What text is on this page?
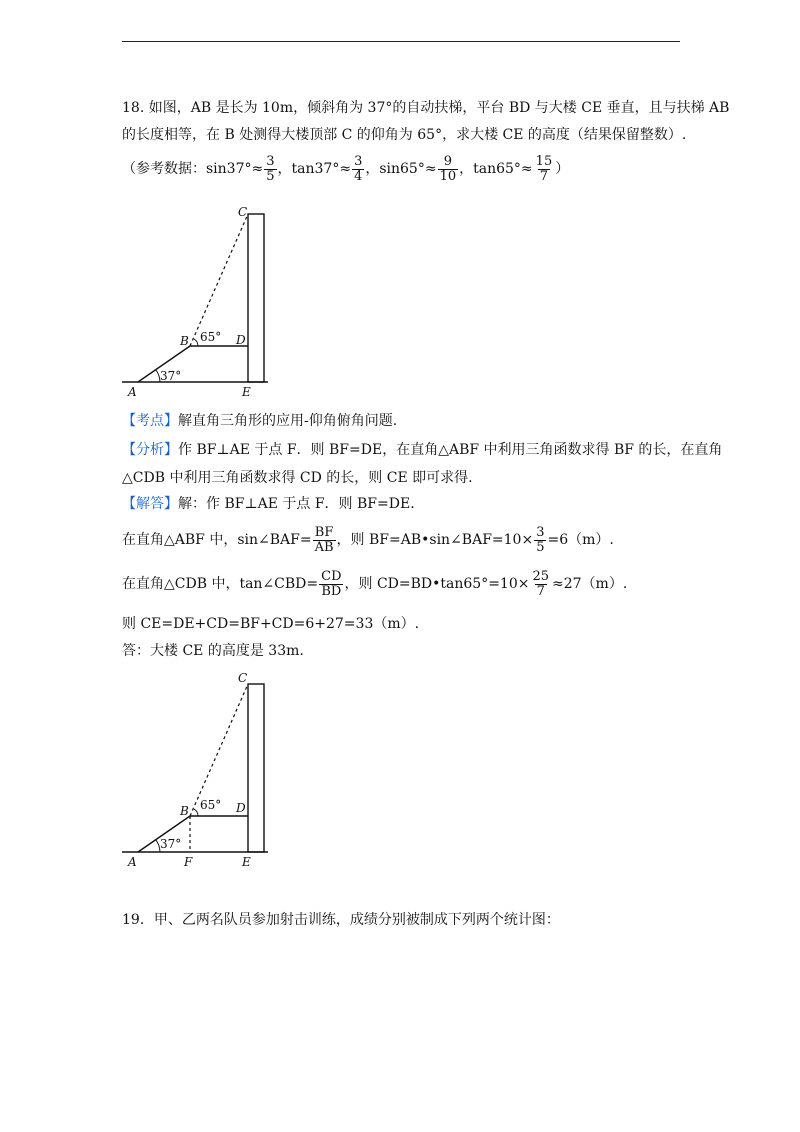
18. 如图，AB 是长为 10m，倾斜角为 37°的自动扶梯，平台 BD 与大楼 CE 垂直，且与扶梯 AB
的长度相等，在 B 处测得大楼顶部 C 的仰角为 65°，求大楼 CE 的高度（结果保留整数）.
（参考数据：$\sin 37^\circ\approx \frac{3}{5}$ ，$\tan 37^\circ\approx \frac{3}{4}$ ，$\sin 65^\circ\approx \frac{9}{10}$ ，$\tan 65^\circ\approx \frac{15}{7}$ ）
C
B	D
A	E
65°
37°
【考点】解直角三角形的应用-仰角俯角问题.
【分析】作 BF⊥AE 于点 F．则 BF=DE，在直角△ABF 中利用三角函数求得 BF 的长，在直角
△CDB 中利用三角函数求得 CD 的长，则 CE 即可求得.
【解答】解：作 BF⊥AE 于点 F．则 BF=DE.
在直角△ABF 中，sin∠BAF= $\frac{BF}{AB}$ ，则 BF=AB•sin∠BAF=10× $\frac{3}{5} =6(m)$.
在直角△CDB 中，tan∠CBD= $\frac{CD}{BD}$ ，则 CD=BD•tan65°=10× $\frac{25}{7} \approx 27(m)$.
则 CE=DE+CD=BF+CD=6+27=33（m）.
答：大楼 CE 的高度是 33m.
C
B	D
A	F	E
65°
37°
19．甲、乙两名队员参加射击训练，成绩分别被制成下列两个统计图：
